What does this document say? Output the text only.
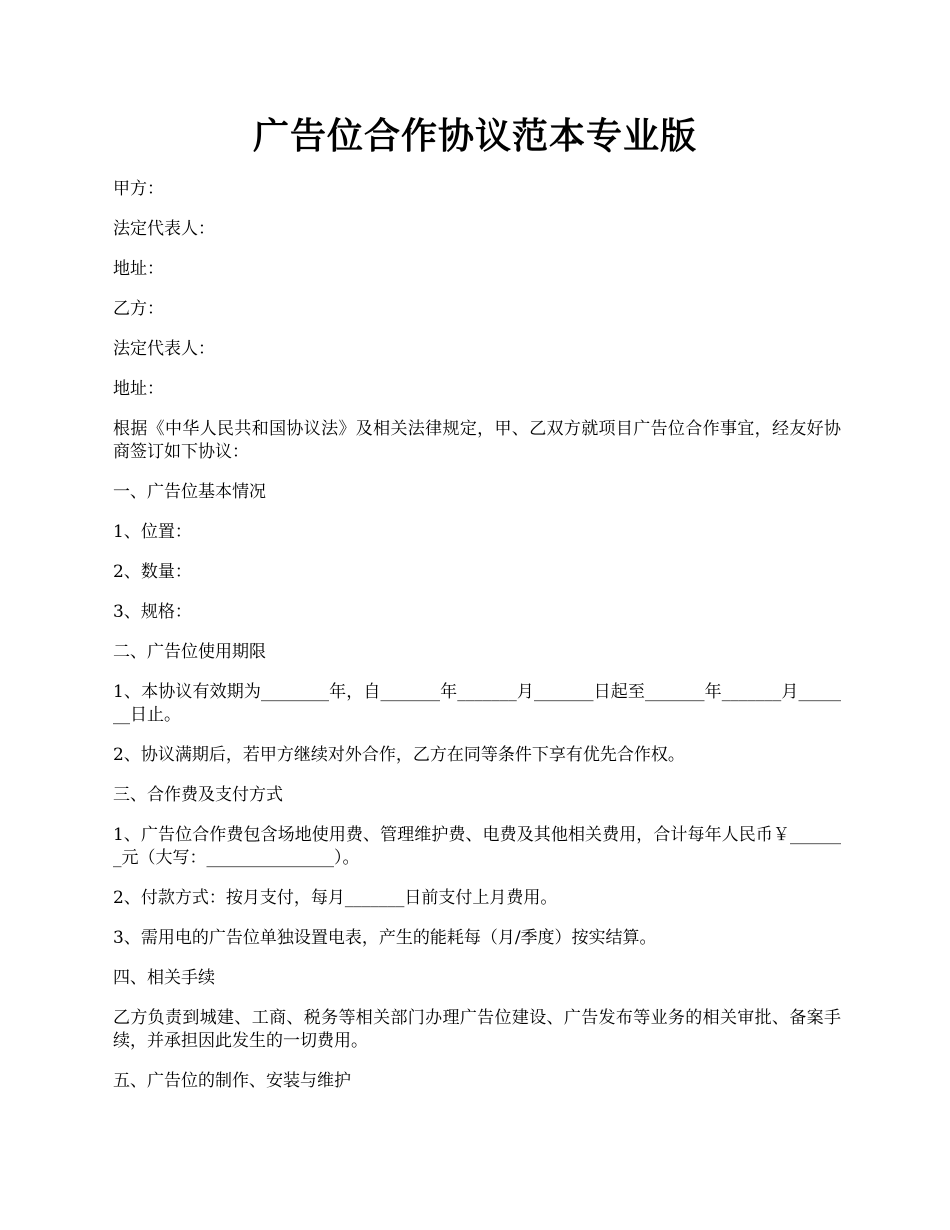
广告位合作协议范本专业版

甲方：

法定代表人：

地址：

乙方：

法定代表人：

地址：

根据《中华人民共和国协议法》及相关法律规定，甲、乙双方就项目广告位合作事宜，经友好协商签订如下协议：

一、广告位基本情况

1、位置：

2、数量：

3、规格：

二、广告位使用期限

1、本协议有效期为________年，自_______年_______月_______日起至_______年_______月_______日止。

2、协议满期后，若甲方继续对外合作，乙方在同等条件下享有优先合作权。

三、合作费及支付方式

1、广告位合作费包含场地使用费、管理维护费、电费及其他相关费用，合计每年人民币￥_______元（大写：_______________）。

2、付款方式：按月支付，每月_______日前支付上月费用。

3、需用电的广告位单独设置电表，产生的能耗每（月/季度）按实结算。

四、相关手续

乙方负责到城建、工商、税务等相关部门办理广告位建设、广告发布等业务的相关审批、备案手续，并承担因此发生的一切费用。

五、广告位的制作、安装与维护
